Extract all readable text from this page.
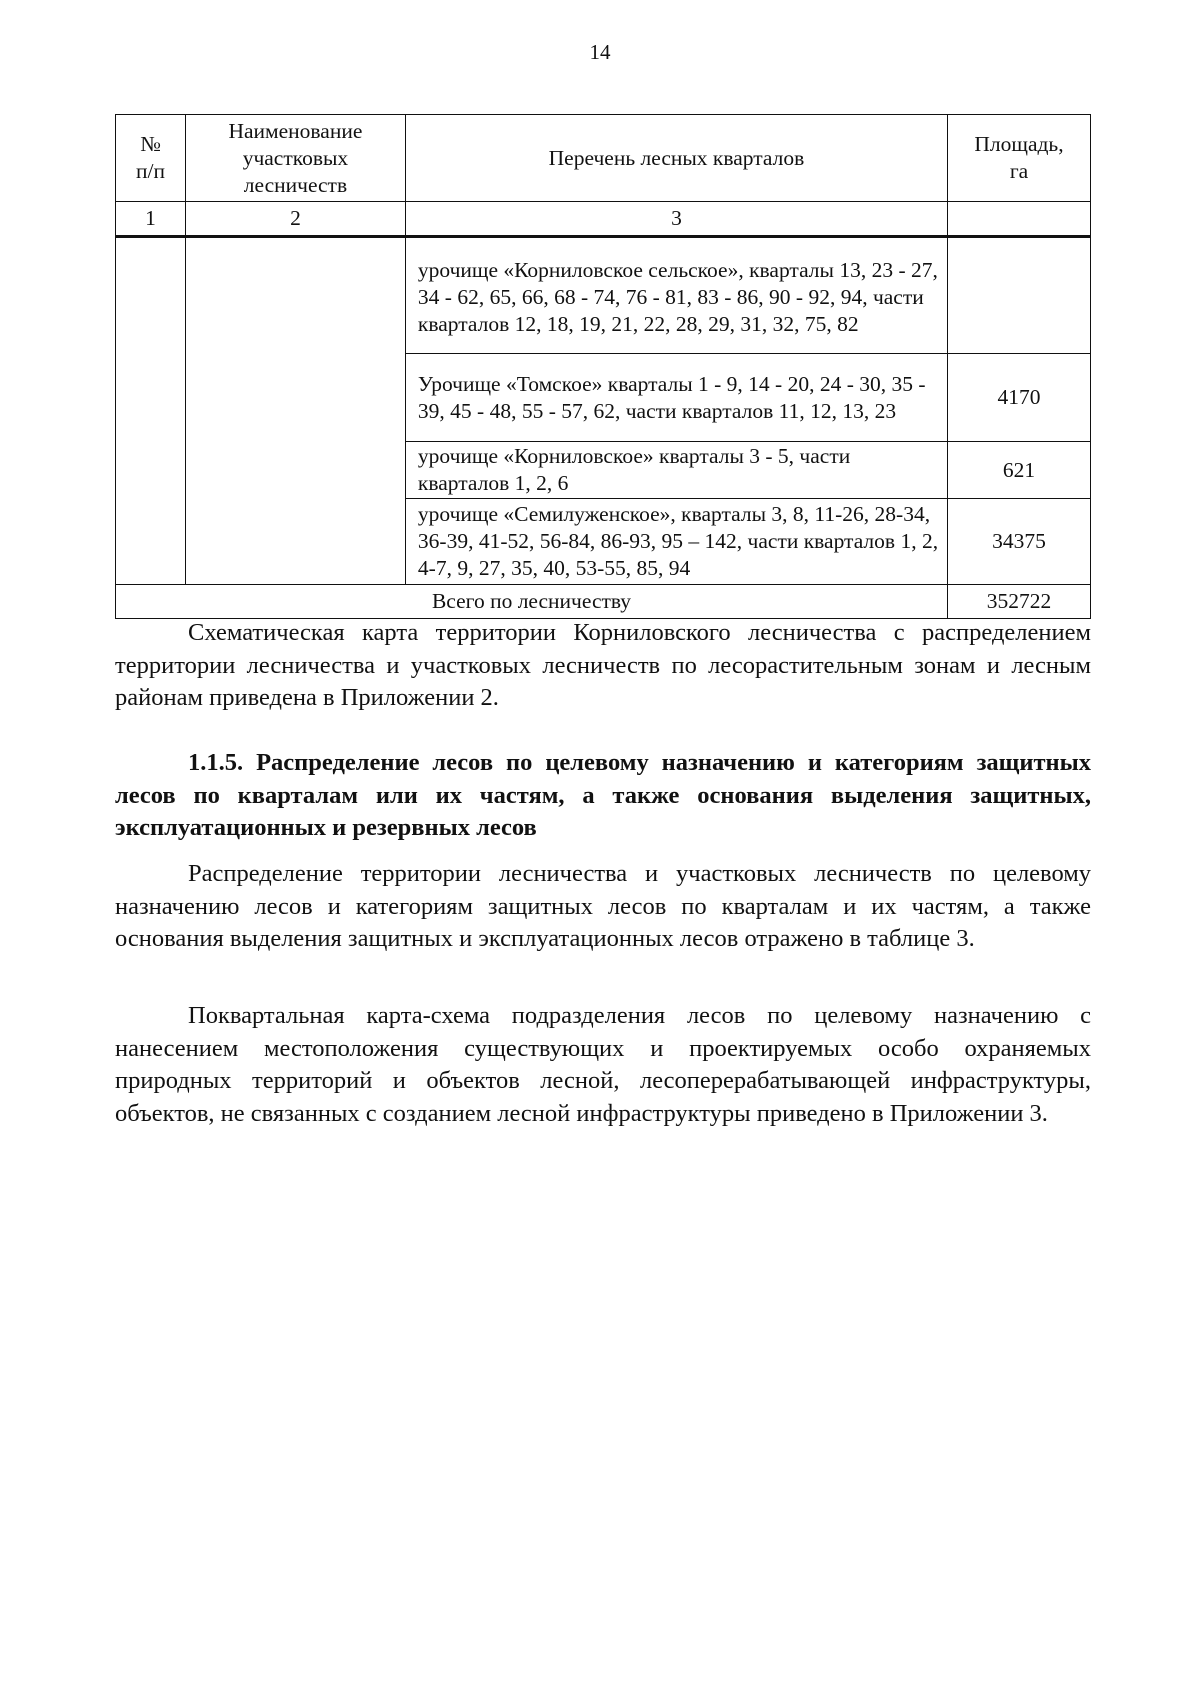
14
№ п/п	Наименование участковых лесничеств	Перечень лесных кварталов	Площадь, га
1	2	3	
		урочище «Корниловское сельское», кварталы 13, 23 - 27, 34 - 62, 65, 66, 68 - 74, 76 - 81, 83 - 86, 90 - 92, 94, части кварталов 12, 18, 19, 21, 22, 28, 29, 31, 32, 75, 82	
		Урочище «Томское» кварталы 1 - 9, 14 - 20, 24 - 30, 35 - 39, 45 - 48, 55 - 57, 62, части кварталов 11, 12, 13, 23	4170
		урочище «Корниловское» кварталы 3 - 5, части кварталов 1, 2, 6	621
		урочище «Семилуженское», кварталы 3, 8, 11-26, 28-34, 36-39, 41-52, 56-84, 86-93, 95 – 142, части кварталов 1, 2, 4-7, 9, 27, 35, 40, 53-55, 85, 94	34375
Всего по лесничеству			352722

Схематическая карта территории Корниловского лесничества с распределением территории лесничества и участковых лесничеств по лесорастительным зонам и лесным районам приведена в Приложении 2.

1.1.5. Распределение лесов по целевому назначению и категориям защитных лесов по кварталам или их частям, а также основания выделения защитных, эксплуатационных и резервных лесов

Распределение территории лесничества и участковых лесничеств по целевому назначению лесов и категориям защитных лесов по кварталам и их частям, а также основания выделения защитных и эксплуатационных лесов отражено в таблице 3.

Поквартальная карта-схема подразделения лесов по целевому назначению с нанесением местоположения существующих и проектируемых особо охраняемых природных территорий и объектов лесной, лесоперерабатывающей инфраструктуры, объектов, не связанных с созданием лесной инфраструктуры приведено в Приложении 3.
